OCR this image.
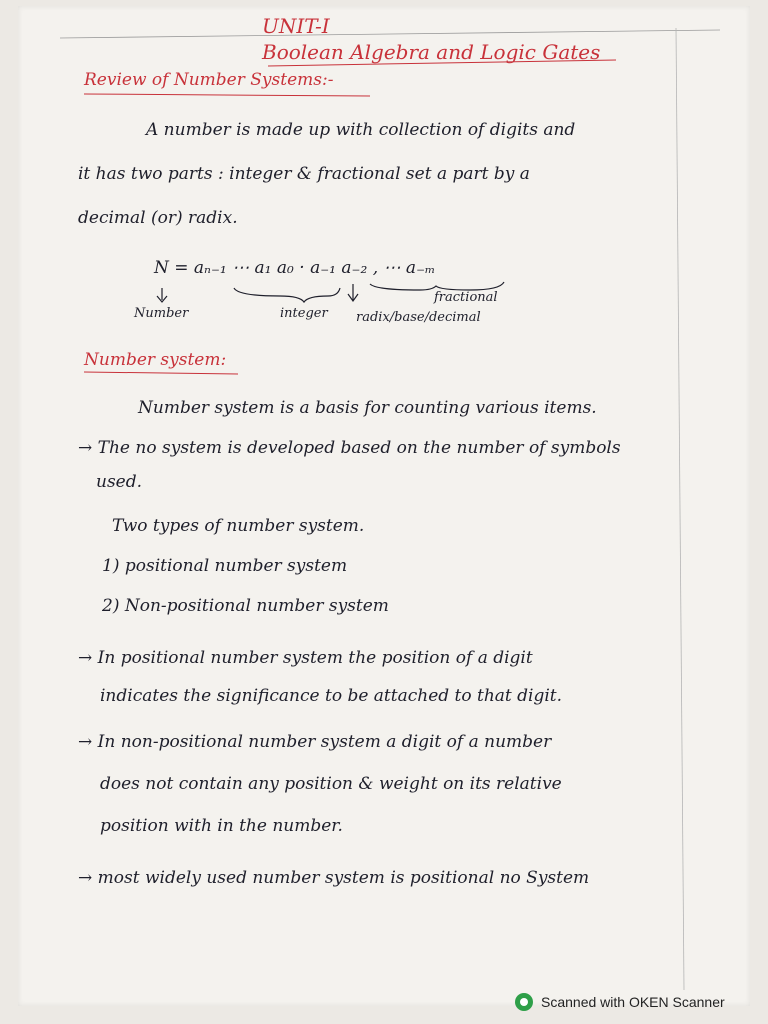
UNIT-I
Boolean Algebra and Logic Gates
Review of Number Systems:-
A number is made up with collection of digits and
it has two parts : integer & fractional set a part by a
decimal (or) radix.
N = aₙ₋₁ ⋯ a₁ a₀ · a₋₁ a₋₂ , ⋯ a₋ₘ
Number	integer radix/base/decimal
fractional
Number system:
Number system is a basis for counting various items.
→ The no system is developed based on the number of symbols
used.
Two types of number system.
1) positional number system
2) Non-positional number system
→ In positional number system the position of a digit
indicates the significance to be attached to that digit.
→ In non-positional number system a digit of a number
does not contain any position & weight on its relative
position with in the number.
→ most widely used number system is positional no System
Scanned with OKEN Scanner
